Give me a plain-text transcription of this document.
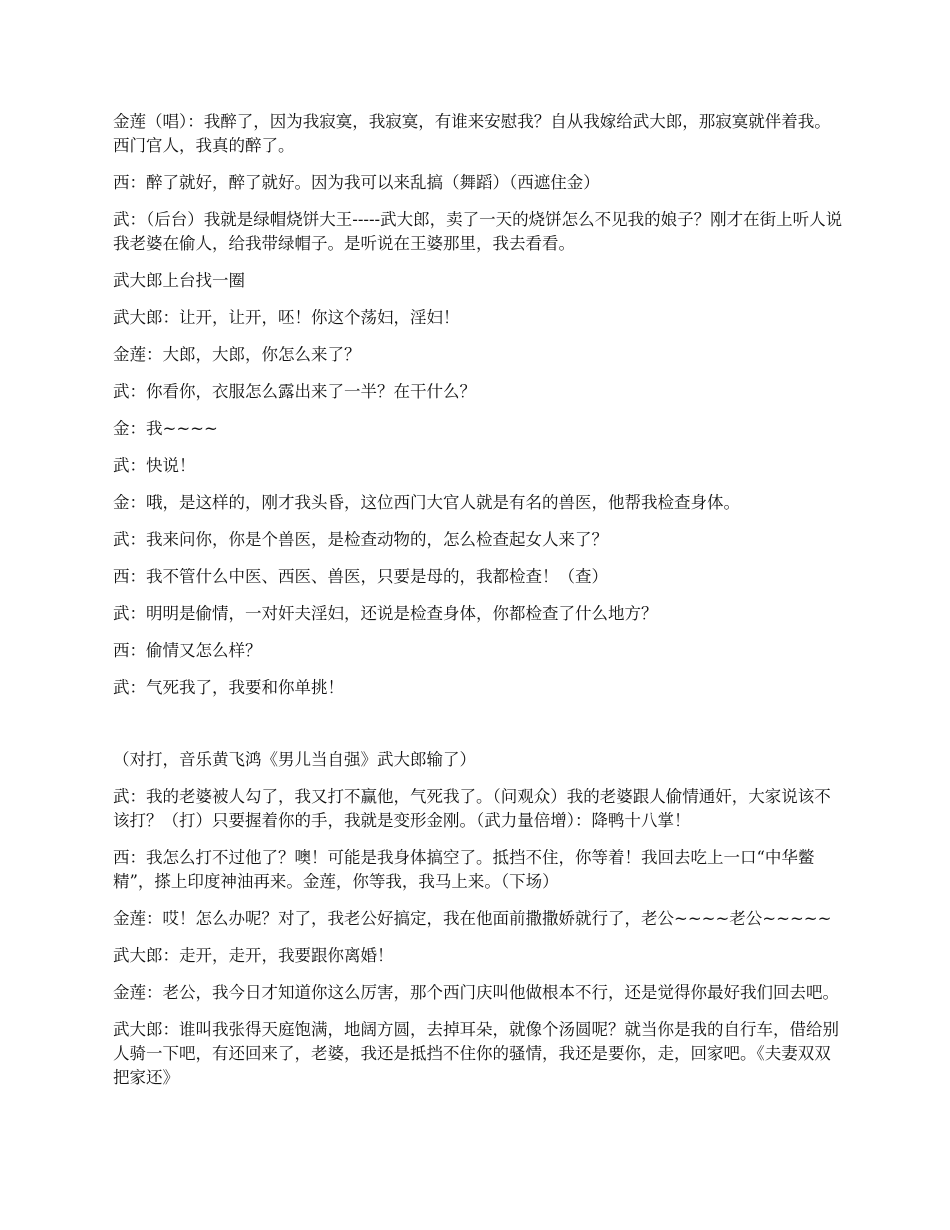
金莲（唱）：我醉了，因为我寂寞，我寂寞，有谁来安慰我？自从我嫁给武大郎，那寂寞就伴着我。西门官人，我真的醉了。

西：醉了就好，醉了就好。因为我可以来乱搞（舞蹈）（西遮住金）

武：（后台）我就是绿帽烧饼大王-----武大郎，卖了一天的烧饼怎么不见我的娘子？刚才在街上听人说我老婆在偷人，给我带绿帽子。是听说在王婆那里，我去看看。

武大郎上台找一圈

武大郎：让开，让开，呸！你这个荡妇，淫妇！

金莲：大郎，大郎，你怎么来了？

武：你看你，衣服怎么露出来了一半？在干什么？

金：我~~~~

武：快说！

金：哦，是这样的，刚才我头昏，这位西门大官人就是有名的兽医，他帮我检查身体。

武：我来问你，你是个兽医，是检查动物的，怎么检查起女人来了？

西：我不管什么中医、西医、兽医，只要是母的，我都检查！（查）

武：明明是偷情，一对奸夫淫妇，还说是检查身体，你都检查了什么地方？

西：偷情又怎么样？

武：气死我了，我要和你单挑！

（对打，音乐黄飞鸿《男儿当自强》武大郎输了）

武：我的老婆被人勾了，我又打不赢他，气死我了。（问观众）我的老婆跟人偷情通奸，大家说该不该打？（打）只要握着你的手，我就是变形金刚。（武力量倍增）：降鸭十八掌！

西：我怎么打不过他了？噢！可能是我身体搞空了。抵挡不住，你等着！我回去吃上一口“中华鳖精”，搽上印度神油再来。金莲，你等我，我马上来。（下场）

金莲：哎！怎么办呢？对了，我老公好搞定，我在他面前撒撒娇就行了，老公~~~~老公~~~~~

武大郎：走开，走开，我要跟你离婚！

金莲：老公，我今日才知道你这么厉害，那个西门庆叫他做根本不行，还是觉得你最好我们回去吧。

武大郎：谁叫我张得天庭饱满，地阔方圆，去掉耳朵，就像个汤圆呢？就当你是我的自行车，借给别人骑一下吧，有还回来了，老婆，我还是抵挡不住你的骚情，我还是要你，走，回家吧。《夫妻双双把家还》
